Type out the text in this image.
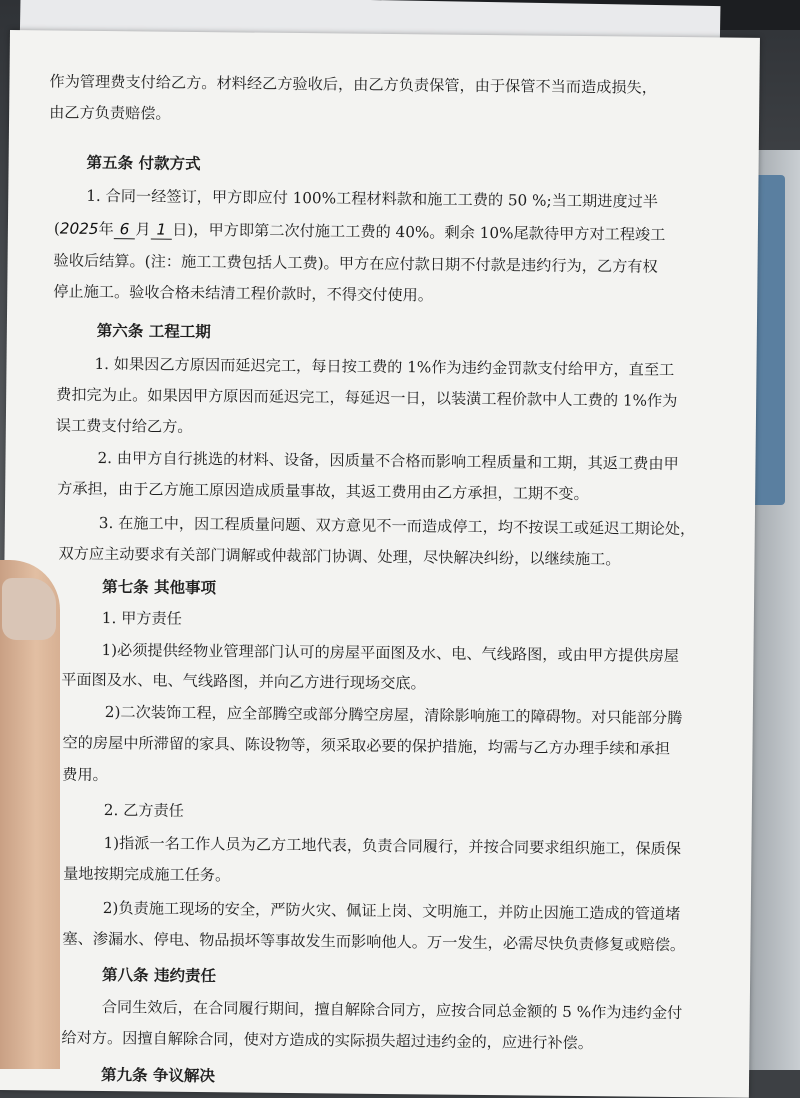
作为管理费支付给乙方。材料经乙方验收后，由乙方负责保管，由于保管不当而造成损失，
由乙方负责赔偿。
第五条 付款方式
1. 合同一经签订，甲方即应付 100%工程材料款和施工工费的 50 %;当工期进度过半
(2025年 6 月 1 日)，甲方即第二次付施工工费的 40%。剩余 10%尾款待甲方对工程竣工
验收后结算。(注：施工工费包括人工费)。甲方在应付款日期不付款是违约行为，乙方有权
停止施工。验收合格未结清工程价款时，不得交付使用。
第六条 工程工期
1. 如果因乙方原因而延迟完工，每日按工费的 1%作为违约金罚款支付给甲方，直至工
费扣完为止。如果因甲方原因而延迟完工，每延迟一日，以装潢工程价款中人工费的 1%作为
误工费支付给乙方。
2. 由甲方自行挑选的材料、设备，因质量不合格而影响工程质量和工期，其返工费由甲
方承担，由于乙方施工原因造成质量事故，其返工费用由乙方承担，工期不变。
3. 在施工中，因工程质量问题、双方意见不一而造成停工，均不按误工或延迟工期论处，
双方应主动要求有关部门调解或仲裁部门协调、处理，尽快解决纠纷，以继续施工。
第七条 其他事项
1. 甲方责任
1)必须提供经物业管理部门认可的房屋平面图及水、电、气线路图，或由甲方提供房屋
平面图及水、电、气线路图，并向乙方进行现场交底。
2)二次装饰工程，应全部腾空或部分腾空房屋，清除影响施工的障碍物。对只能部分腾
空的房屋中所滞留的家具、陈设物等，须采取必要的保护措施，均需与乙方办理手续和承担
费用。
2. 乙方责任
1)指派一名工作人员为乙方工地代表，负责合同履行，并按合同要求组织施工，保质保
量地按期完成施工任务。
2)负责施工现场的安全，严防火灾、佩证上岗、文明施工，并防止因施工造成的管道堵
塞、渗漏水、停电、物品损坏等事故发生而影响他人。万一发生，必需尽快负责修复或赔偿。
第八条 违约责任
合同生效后，在合同履行期间，擅自解除合同方，应按合同总金额的 5 %作为违约金付
给对方。因擅自解除合同，使对方造成的实际损失超过违约金的，应进行补偿。
第九条 争议解决
